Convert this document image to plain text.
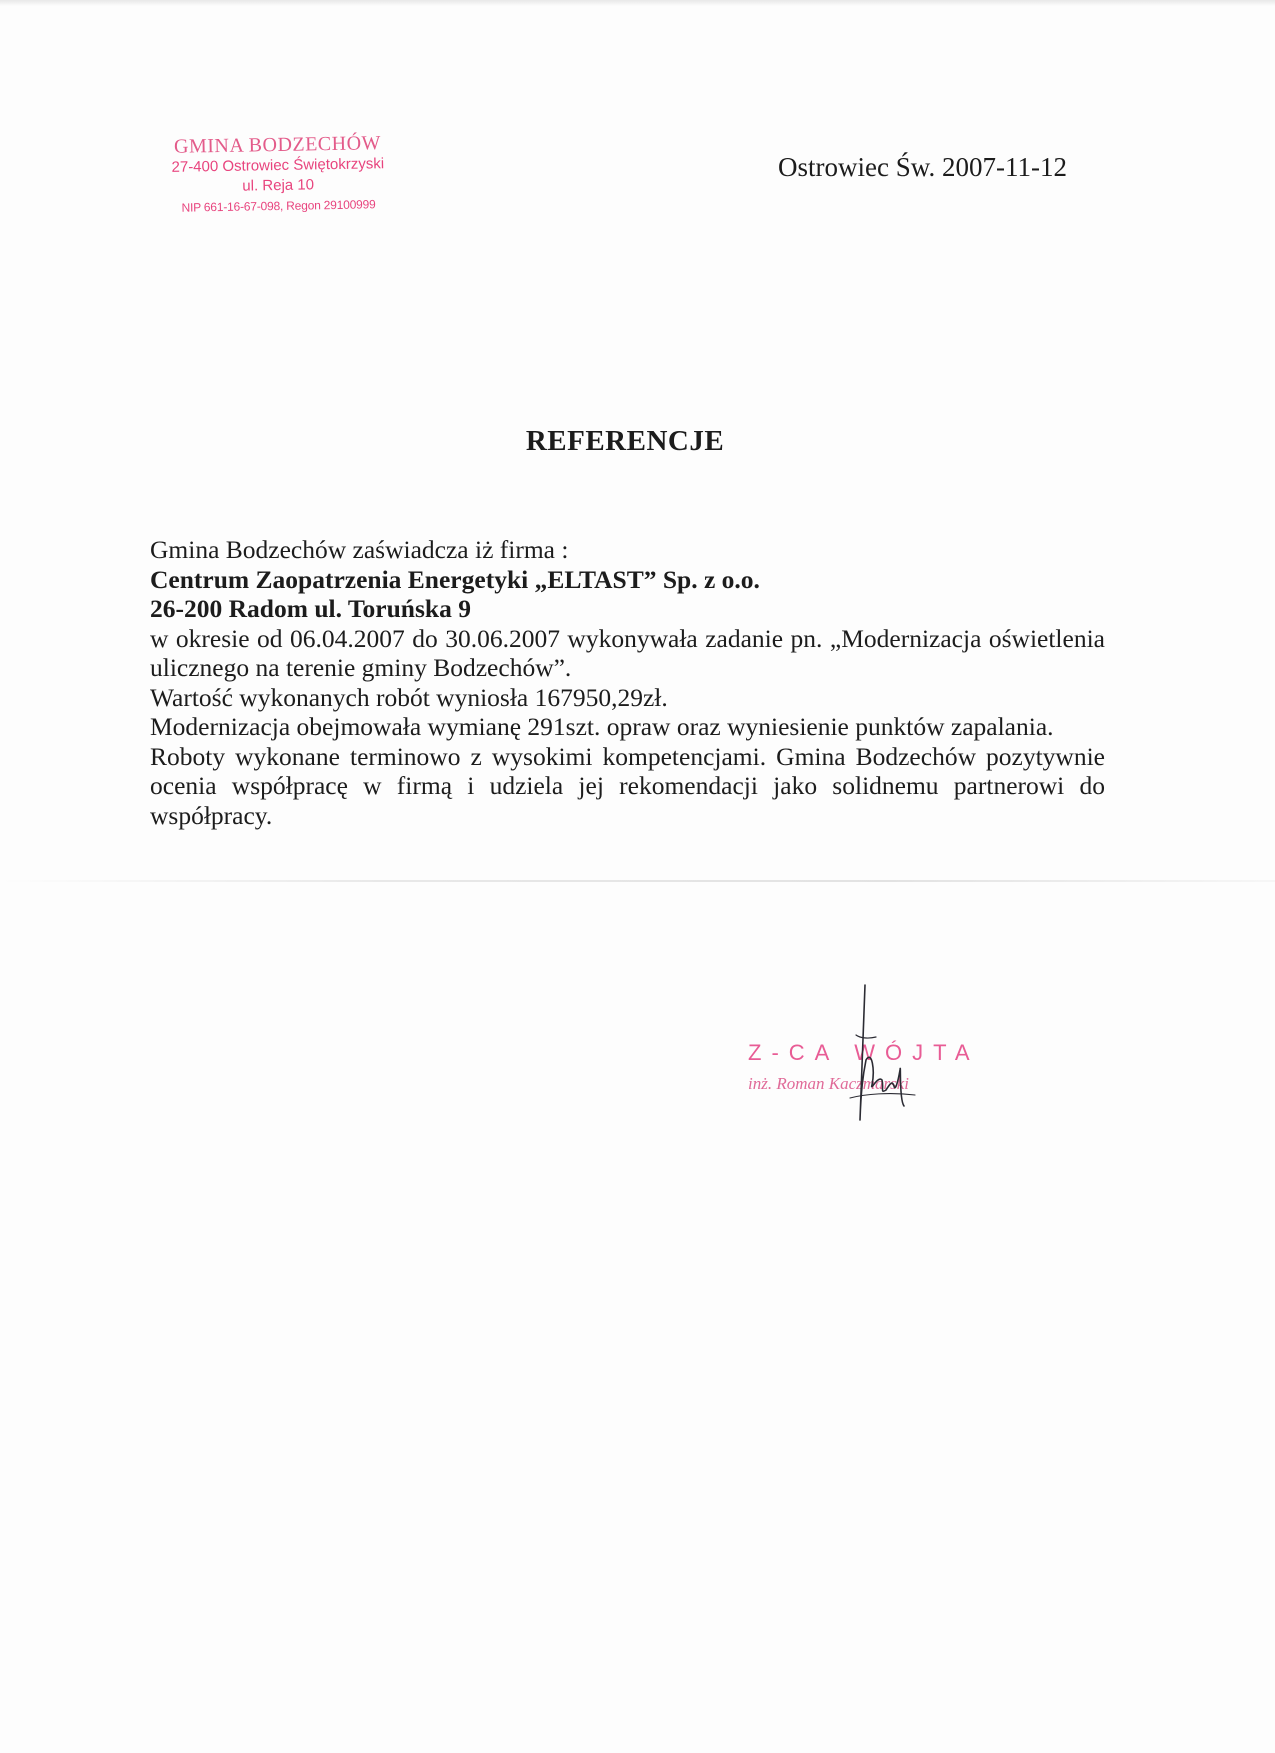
GMINA BODZECHÓW
27-400 Ostrowiec Świętokrzyski
ul. Reja 10
NIP 661-16-67-098, Regon 29100999
Ostrowiec Św. 2007-11-12
REFERENCJE

Gmina Bodzechów zaświadcza iż firma :

Centrum Zaopatrzenia Energetyki „ELTAST” Sp. z o.o.

26-200 Radom ul. Toruńska 9

w okresie od 06.04.2007 do 30.06.2007 wykonywała zadanie pn. „Modernizacja oświetlenia ulicznego na terenie gminy Bodzechów”.

Wartość wykonanych robót wyniosła 167950,29zł.

Modernizacja obejmowała wymianę 291szt. opraw oraz wyniesienie punktów zapalania.

Roboty wykonane terminowo z wysokimi kompetencjami. Gmina Bodzechów pozytywnie ocenia współpracę w firmą i udziela jej rekomendacji jako solidnemu partnerowi do współpracy.

Z-CA WÓJTA
inż. Roman Kaczmarski
